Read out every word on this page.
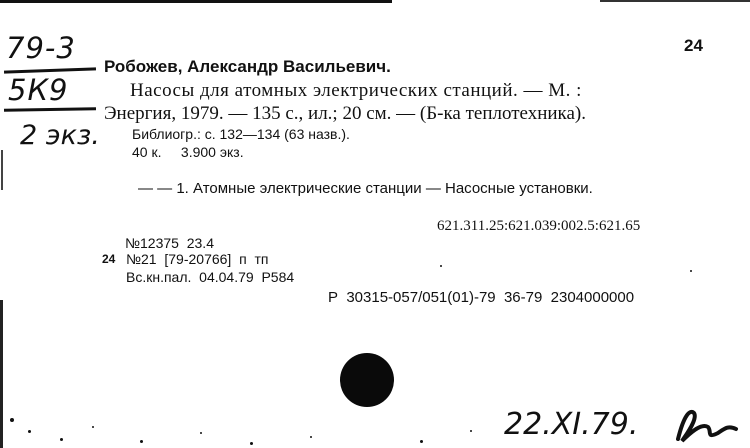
24
79-3
5К9
2 экз.
Робожев, Александр Васильевич.
Насосы для атомных электрических станций. — М. :
Энергия, 1979. — 135 с., ил.; 20 см. — (Б-ка теплотехника).
Библиогр.: с. 132—134 (63 назв.).
40 к.     3.900 экз.
— — 1. Атомные электрические станции — Насосные установки.
621.311.25:621.039:002.5:621.65
№12375  23.4
24 №21  [79-20766]  п  тп
Вс.кн.пал.  04.04.79  Р584
Р  30315-057/051(01)-79  36-79  2304000000
22.XI.79.
